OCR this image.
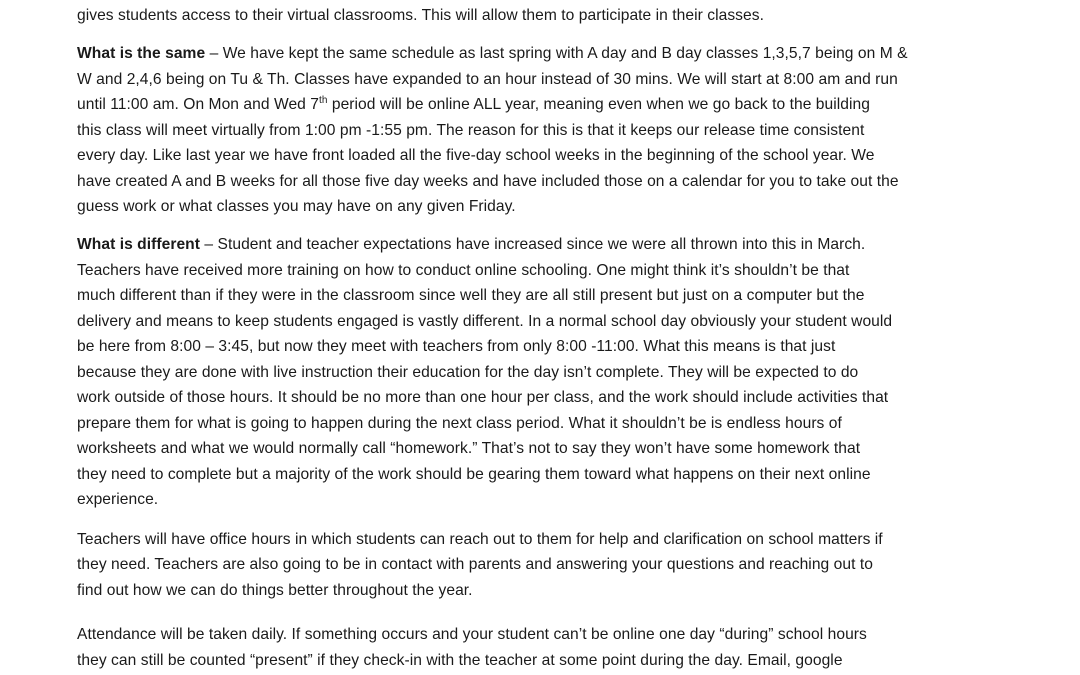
gives students access to their virtual classrooms. This will allow them to participate in their classes.
What is the same – We have kept the same schedule as last spring with A day and B day classes 1,3,5,7 being on M &
W and 2,4,6 being on Tu & Th. Classes have expanded to an hour instead of 30 mins. We will start at 8:00 am and run
until 11:00 am. On Mon and Wed 7th period will be online ALL year, meaning even when we go back to the building
this class will meet virtually from 1:00 pm -1:55 pm. The reason for this is that it keeps our release time consistent
every day. Like last year we have front loaded all the five-day school weeks in the beginning of the school year. We
have created A and B weeks for all those five day weeks and have included those on a calendar for you to take out the
guess work or what classes you may have on any given Friday.
What is different – Student and teacher expectations have increased since we were all thrown into this in March.
Teachers have received more training on how to conduct online schooling. One might think it’s shouldn’t be that
much different than if they were in the classroom since well they are all still present but just on a computer but the
delivery and means to keep students engaged is vastly different. In a normal school day obviously your student would
be here from 8:00 – 3:45, but now they meet with teachers from only 8:00 -11:00. What this means is that just
because they are done with live instruction their education for the day isn’t complete. They will be expected to do
work outside of those hours. It should be no more than one hour per class, and the work should include activities that
prepare them for what is going to happen during the next class period. What it shouldn’t be is endless hours of
worksheets and what we would normally call “homework.” That’s not to say they won’t have some homework that
they need to complete but a majority of the work should be gearing them toward what happens on their next online
experience.
Teachers will have office hours in which students can reach out to them for help and clarification on school matters if
they need. Teachers are also going to be in contact with parents and answering your questions and reaching out to
find out how we can do things better throughout the year.
Attendance will be taken daily. If something occurs and your student can’t be online one day “during” school hours
they can still be counted “present” if they check-in with the teacher at some point during the day. Email, google
